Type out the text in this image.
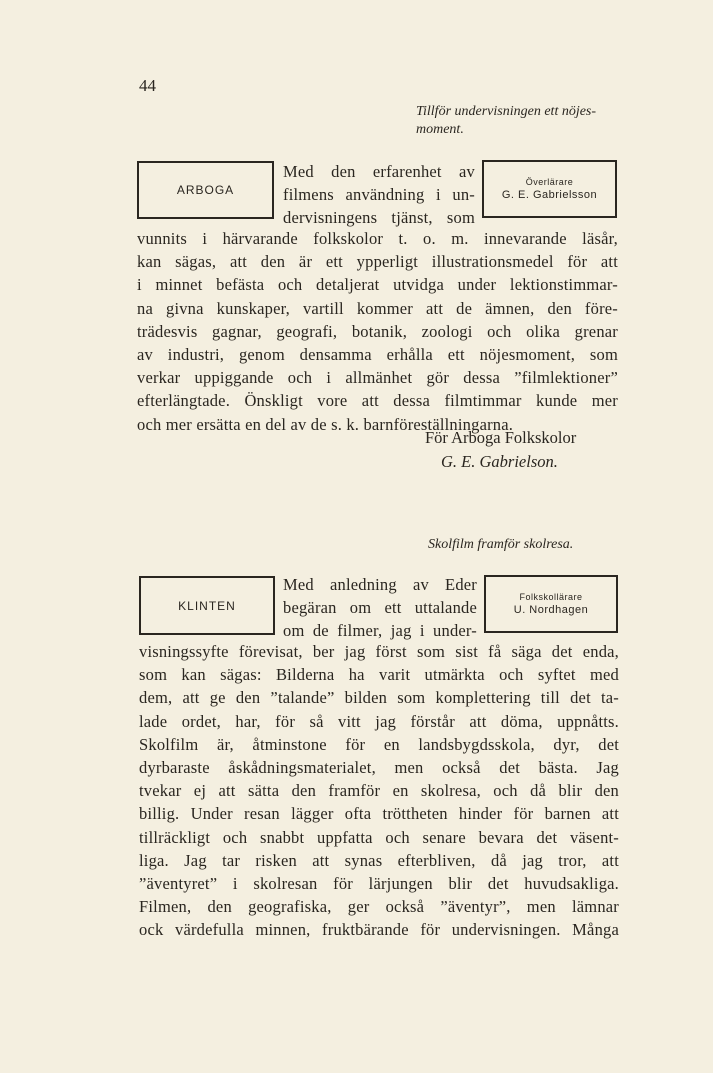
44
Tillför undervisningen ett nöjes-moment.
ARBOGA
Överlärare
G. E. Gabrielsson
Med den erfarenhet av
filmens användning i un-
dervisningens tjänst, som
vunnits i härvarande folkskolor t. o. m. innevarande läsår,
kan sägas, att den är ett ypperligt illustrationsmedel för att
i minnet befästa och detaljerat utvidga under lektionstimmar-
na givna kunskaper, vartill kommer att de ämnen, den före-
trädesvis gagnar, geografi, botanik, zoologi och olika grenar
av industri, genom densamma erhålla ett nöjesmoment, som
verkar uppiggande och i allmänhet gör dessa ”filmlektioner”
efterlängtade. Önskligt vore att dessa filmtimmar kunde mer
och mer ersätta en del av de s. k. barnföreställningarna.
För Arboga Folkskolor
G. E. Gabrielson.
Skolfilm framför skolresa.
KLINTEN
Folkskollärare
U. Nordhagen
Med anledning av Eder
begäran om ett uttalande
om de filmer, jag i under-
visningssyfte förevisat, ber jag först som sist få säga det enda,
som kan sägas: Bilderna ha varit utmärkta och syftet med
dem, att ge den ”talande” bilden som komplettering till det ta-
lade ordet, har, för så vitt jag förstår att döma, uppnåtts.
Skolfilm är, åtminstone för en landsbygdsskola, dyr, det
dyrbaraste åskådningsmaterialet, men också det bästa. Jag
tvekar ej att sätta den framför en skolresa, och då blir den
billig. Under resan lägger ofta tröttheten hinder för barnen att
tillräckligt och snabbt uppfatta och senare bevara det väsent-
liga. Jag tar risken att synas efterbliven, då jag tror, att
”äventyret” i skolresan för lärjungen blir det huvudsakliga.
Filmen, den geografiska, ger också ”äventyr”, men lämnar
ock värdefulla minnen, fruktbärande för undervisningen. Många
